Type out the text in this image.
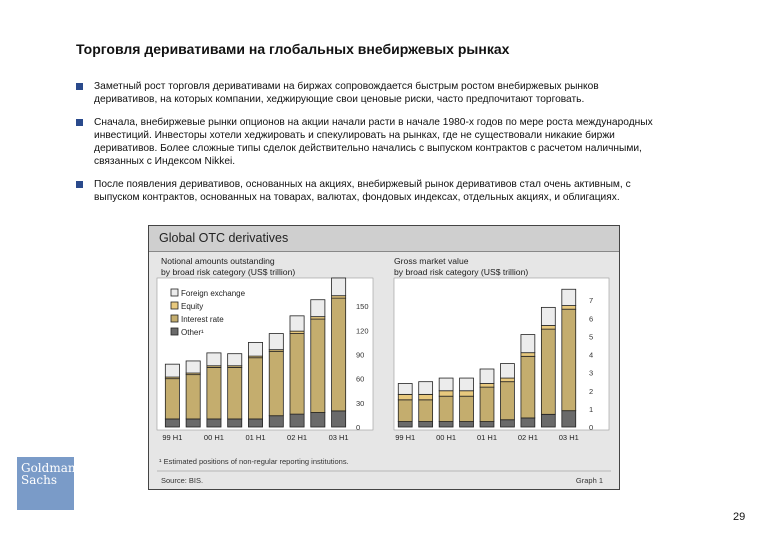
Торговля деривативами на глобальных внебиржевых рынках
Заметный рост торговля деривативами на биржах сопровождается быстрым ростом внебиржевых рынков
деривативов, на которых компании, хеджирующие свои ценовые риски, часто предпочитают торговать.
Сначала, внебиржевые рынки опционов на акции начали расти в начале 1980-х годов по мере роста международных
инвестиций. Инвесторы хотели хеджировать и спекулировать на рынках, где не существовали никакие биржи
деривативов. Более сложные типы сделок действительно начались с выпуском контрактов с расчетом наличными,
связанных с Индексом Nikkei.
После появления деривативов, основанных на акциях, внебиржевый рынок деривативов стал очень активным, с
выпуском контрактов, основанных на товарах, валютах, фондовых индексах, отдельных акциях, и облигациях.
Global OTC derivatives
Notional amounts outstanding
by broad risk category (US$ trillion)
0
30
60
90
120
150
99 H1	00 H1	01 H1	02 H1	03 H1
Foreign exchange
Equity
Interest rate
Other¹
Gross market value
by broad risk category (US$ trillion)
0
1
2
3
4
5
6
7
99 H1	00 H1	01 H1	02 H1	03 H1
¹ Estimated positions of non-regular reporting institutions.
Source: BIS.	Graph 1
Goldman
Sachs
29
